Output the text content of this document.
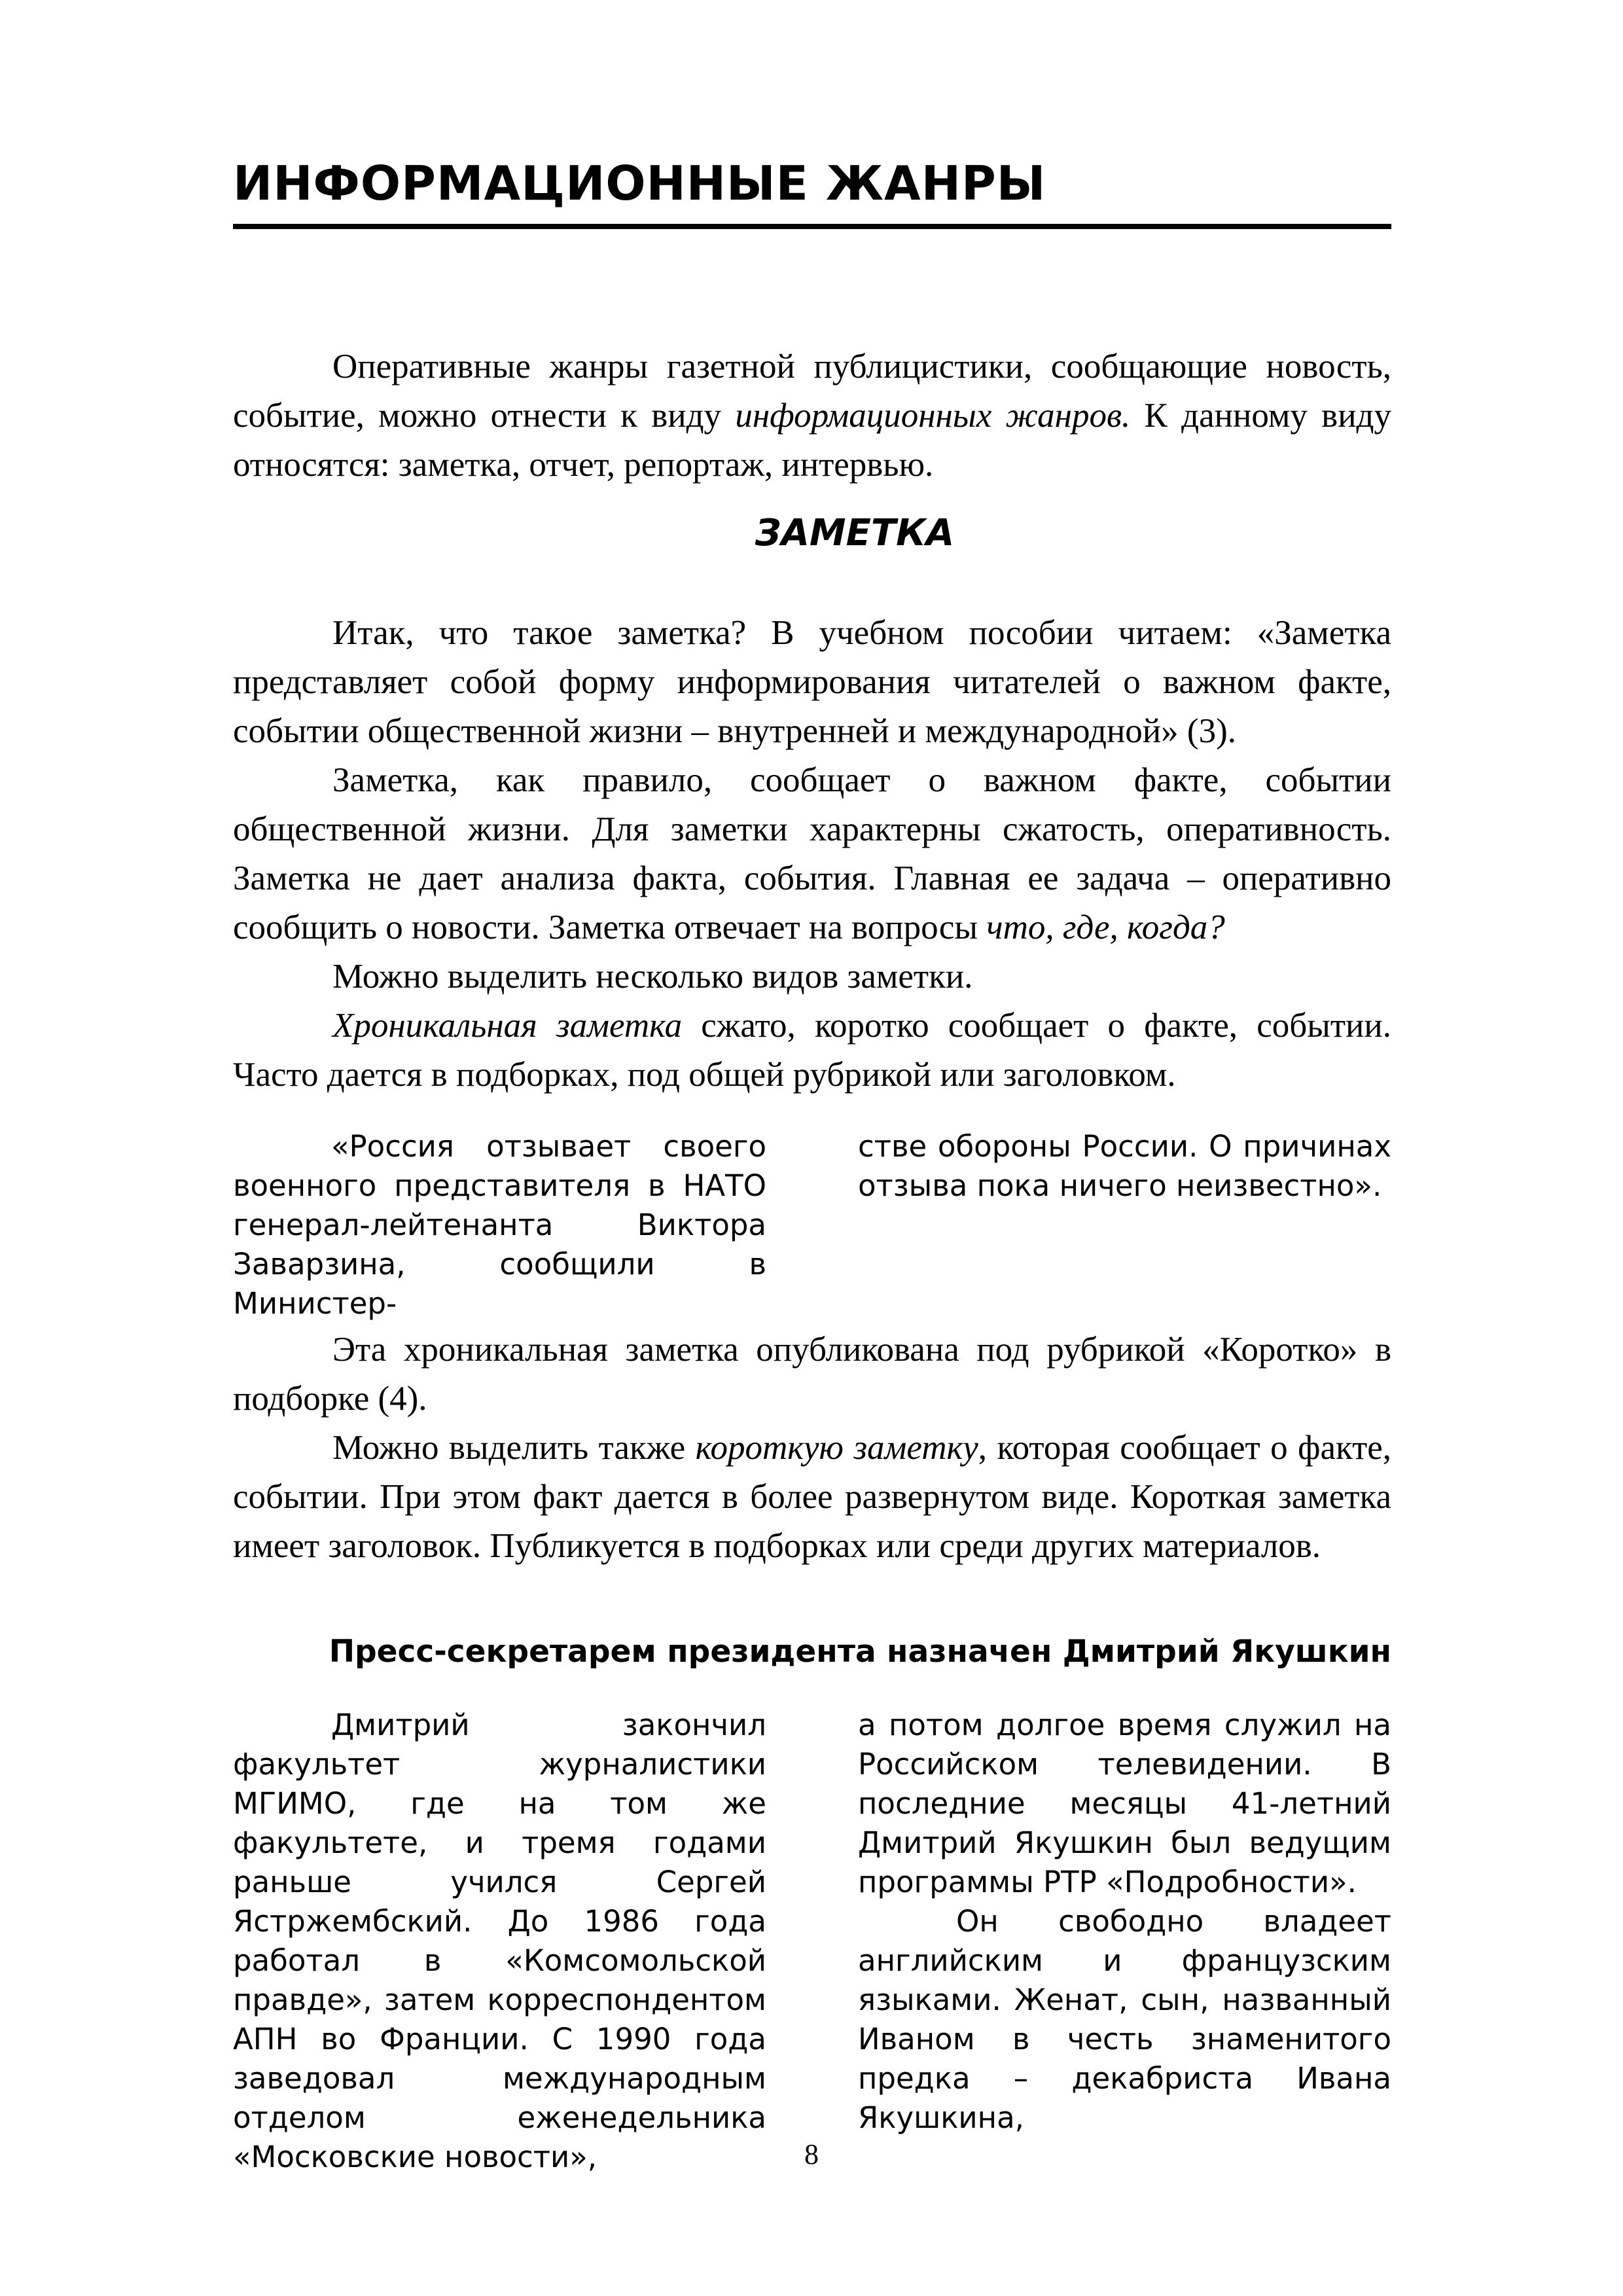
ИНФОРМАЦИОННЫЕ ЖАНРЫ

Оперативные жанры газетной публицистики, сообщающие новость, событие, можно отнести к виду информационных жанров. К данному виду относятся: заметка, отчет, репортаж, интервью.

ЗАМЕТКА

Итак, что такое заметка? В учебном пособии читаем: «Заметка представляет собой форму информирования читателей о важном факте, событии общественной жизни – внутренней и международной» (3).

Заметка, как правило, сообщает о важном факте, событии общественной жизни. Для заметки характерны сжатость, оперативность. Заметка не дает анализа факта, события. Главная ее задача – оперативно сообщить о новости. Заметка отвечает на вопросы что, где, когда?

Можно выделить несколько видов заметки.

Хроникальная заметка сжато, коротко сообщает о факте, событии. Часто дается в подборках, под общей рубрикой или заголовком.

«Россия отзывает своего военного представителя в НАТО генерал-лейтенанта Виктора Заварзина, сообщили в Министер-

стве обороны России. О причинах отзыва пока ничего неизвестно».

Эта хроникальная заметка опубликована под рубрикой «Коротко» в подборке (4).

Можно выделить также короткую заметку, которая сообщает о факте, событии. При этом факт дается в более развернутом виде. Короткая заметка имеет заголовок. Публикуется в подборках или среди других материалов.

Пресс-секретарем президента назначен Дмитрий Якушкин

Дмитрий закончил факультет журналистики МГИМО, где на том же факультете, и тремя годами раньше учился Сергей Ястржембский. До 1986 года работал в «Комсомольской правде», затем корреспондентом АПН во Франции. С 1990 года заведовал международным отделом еженедельника «Московские новости»,

а потом долгое время служил на Российском телевидении. В последние месяцы 41-летний Дмитрий Якушкин был ведущим программы РТР «Подробности».

Он свободно владеет английским и французским языками. Женат, сын, названный Иваном в честь знаменитого предка – декабриста Ивана Якушкина,

8
